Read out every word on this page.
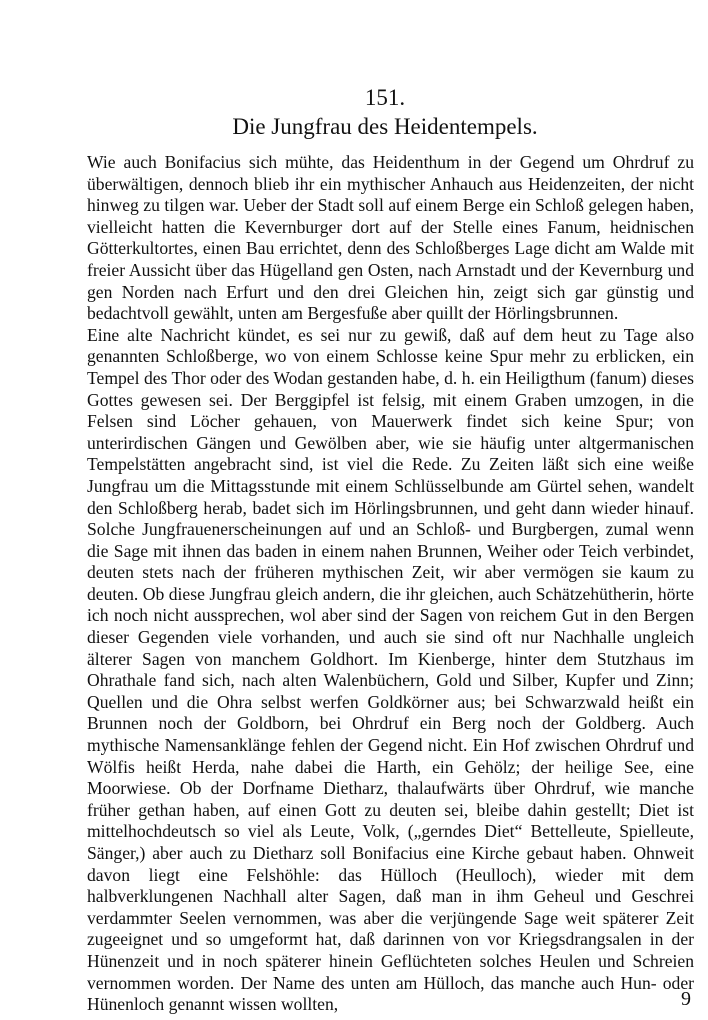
151.
Die Jungfrau des Heidentempels.

Wie auch Bonifacius sich mühte, das Heidenthum in der Gegend um Ohrdruf zu überwältigen, dennoch blieb ihr ein mythischer Anhauch aus Heidenzeiten, der nicht hinweg zu tilgen war. Ueber der Stadt soll auf einem Berge ein Schloß gelegen haben, vielleicht hatten die Kevernburger dort auf der Stelle eines Fanum, heidnischen Götterkultortes, einen Bau errichtet, denn des Schloßberges Lage dicht am Walde mit freier Aussicht über das Hügelland gen Osten, nach Arnstadt und der Kevernburg und gen Norden nach Erfurt und den drei Gleichen hin, zeigt sich gar günstig und bedachtvoll gewählt, unten am Bergesfuße aber quillt der Hörlingsbrunnen.

Eine alte Nachricht kündet, es sei nur zu gewiß, daß auf dem heut zu Tage also genannten Schloßberge, wo von einem Schlosse keine Spur mehr zu erblicken, ein Tempel des Thor oder des Wodan gestanden habe, d. h. ein Heiligthum (fanum) dieses Gottes gewesen sei. Der Berggipfel ist felsig, mit einem Graben umzogen, in die Felsen sind Löcher gehauen, von Mauerwerk findet sich keine Spur; von unterirdischen Gängen und Gewölben aber, wie sie häufig unter altgermanischen Tempelstätten angebracht sind, ist viel die Rede. Zu Zeiten läßt sich eine weiße Jungfrau um die Mittagsstunde mit einem Schlüsselbunde am Gürtel sehen, wandelt den Schloßberg herab, badet sich im Hörlingsbrunnen, und geht dann wieder hinauf. Solche Jungfrauenerscheinungen auf und an Schloß- und Burgbergen, zumal wenn die Sage mit ihnen das baden in einem nahen Brunnen, Weiher oder Teich verbindet, deuten stets nach der früheren mythischen Zeit, wir aber vermögen sie kaum zu deuten. Ob diese Jungfrau gleich andern, die ihr gleichen, auch Schätzehütherin, hörte ich noch nicht aussprechen, wol aber sind der Sagen von reichem Gut in den Bergen dieser Gegenden viele vorhanden, und auch sie sind oft nur Nachhalle ungleich älterer Sagen von manchem Goldhort. Im Kienberge, hinter dem Stutzhaus im Ohrathale fand sich, nach alten Walenbüchern, Gold und Silber, Kupfer und Zinn; Quellen und die Ohra selbst werfen Goldkörner aus; bei Schwarzwald heißt ein Brunnen noch der Goldborn, bei Ohrdruf ein Berg noch der Goldberg. Auch mythische Namensanklänge fehlen der Gegend nicht. Ein Hof zwischen Ohrdruf und Wölfis heißt Herda, nahe dabei die Harth, ein Gehölz; der heilige See, eine Moorwiese. Ob der Dorfname Dietharz, thalaufwärts über Ohrdruf, wie manche früher gethan haben, auf einen Gott zu deuten sei, bleibe dahin gestellt; Diet ist mittelhochdeutsch so viel als Leute, Volk, („gerndes Diet“ Bettelleute, Spielleute, Sänger,) aber auch zu Dietharz soll Bonifacius eine Kirche gebaut haben. Ohnweit davon liegt eine Felshöhle: das Hülloch (Heulloch), wieder mit dem halbverklungenen Nachhall alter Sagen, daß man in ihm Geheul und Geschrei verdammter Seelen vernommen, was aber die verjüngende Sage weit späterer Zeit zugeeignet und so umgeformt hat, daß darinnen von vor Kriegsdrangsalen in der Hünenzeit und in noch späterer hinein Geflüchteten solches Heulen und Schreien vernommen worden. Der Name des unten am Hülloch, das manche auch Hun- oder Hünenloch genannt wissen wollten,	9
